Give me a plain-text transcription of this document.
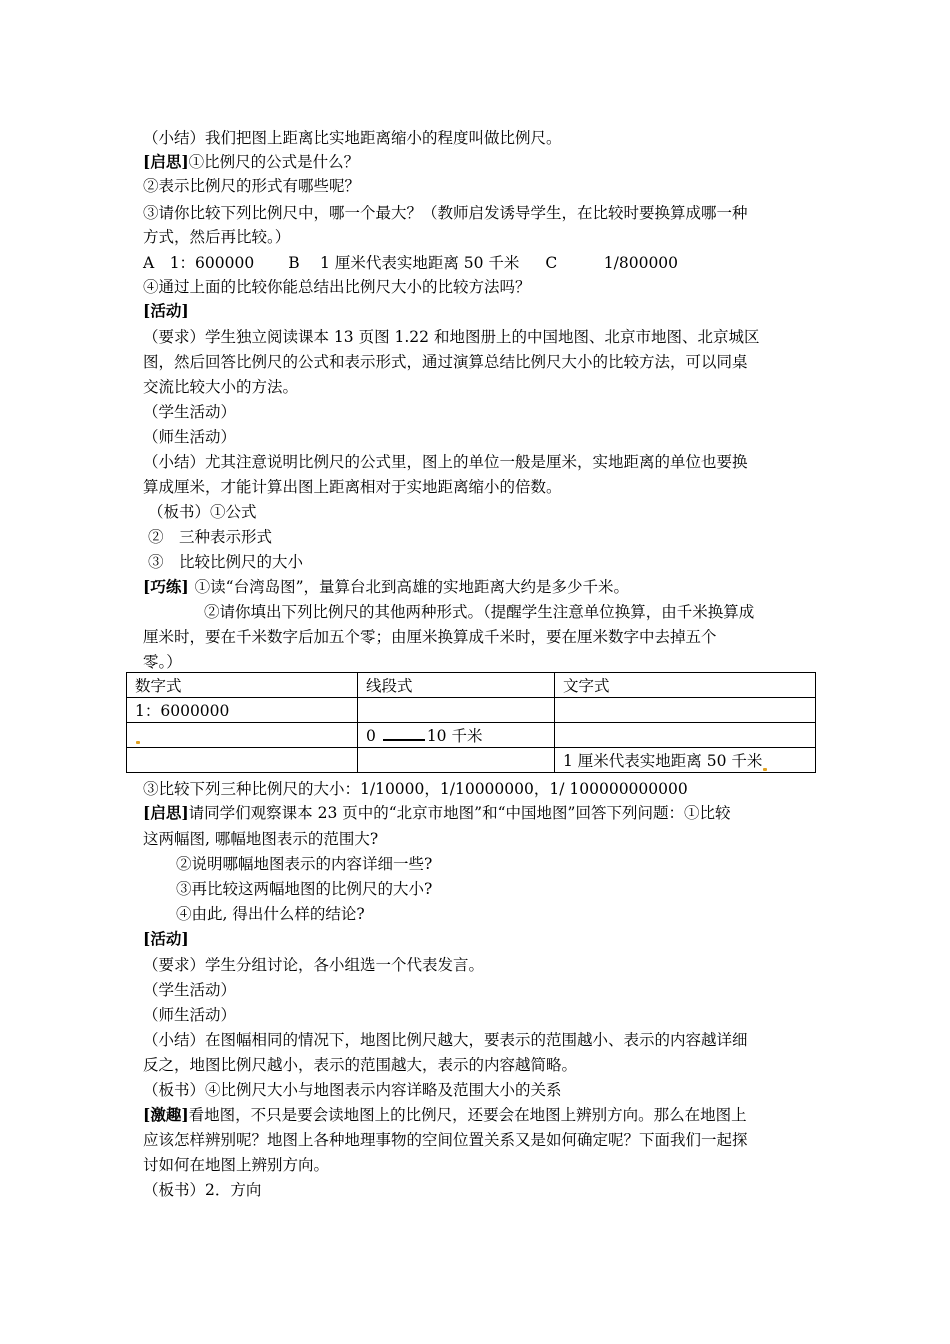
（小结）我们把图上距离比实地距离缩小的程度叫做比例尺。
[启思]①比例尺的公式是什么？
②表示比例尺的形式有哪些呢？
③请你比较下列比例尺中，哪一个最大？（教师启发诱导学生，在比较时要换算成哪一种
方式，然后再比较。）
A　1：600000 B　 1 厘米代表实地距离 50 千米 C　　　1/800000
④通过上面的比较你能总结出比例尺大小的比较方法吗？
[活动]
（要求）学生独立阅读课本 13 页图 1.22 和地图册上的中国地图、北京市地图、北京城区
图，然后回答比例尺的公式和表示形式，通过演算总结比例尺大小的比较方法，可以同桌
交流比较大小的方法。
（学生活动）
（师生活动）
（小结）尤其注意说明比例尺的公式里，图上的单位一般是厘米，实地距离的单位也要换
算成厘米，才能计算出图上距离相对于实地距离缩小的倍数。
（板书）①公式
②　三种表示形式
③　比较比例尺的大小
[巧练] ①读“台湾岛图”，量算台北到高雄的实地距离大约是多少千米。
②请你填出下列比例尺的其他两种形式。（提醒学生注意单位换算，由千米换算成
厘米时，要在千米数字后加五个零；由厘米换算成千米时，要在厘米数字中去掉五个
零。）
数字式	线段式	文字式
1：6000000		
	0 10 千米	
		1 厘米代表实地距离 50 千米
③比较下列三种比例尺的大小：1/10000，1/10000000，1/ 100000000000
[启思]请同学们观察课本 23 页中的“北京市地图”和“中国地图”回答下列问题：①比较
这两幅图, 哪幅地图表示的范围大?
②说明哪幅地图表示的内容详细一些?
③再比较这两幅地图的比例尺的大小?
④由此, 得出什么样的结论?
[活动]
（要求）学生分组讨论，各小组选一个代表发言。
（学生活动）
（师生活动）
（小结）在图幅相同的情况下，地图比例尺越大，要表示的范围越小、表示的内容越详细
反之，地图比例尺越小，表示的范围越大，表示的内容越简略。
（板书）④比例尺大小与地图表示内容详略及范围大小的关系
[激趣]看地图，不只是要会读地图上的比例尺，还要会在地图上辨别方向。那么在地图上
应该怎样辨别呢？地图上各种地理事物的空间位置关系又是如何确定呢？下面我们一起探
讨如何在地图上辨别方向。
（板书）2．方向
